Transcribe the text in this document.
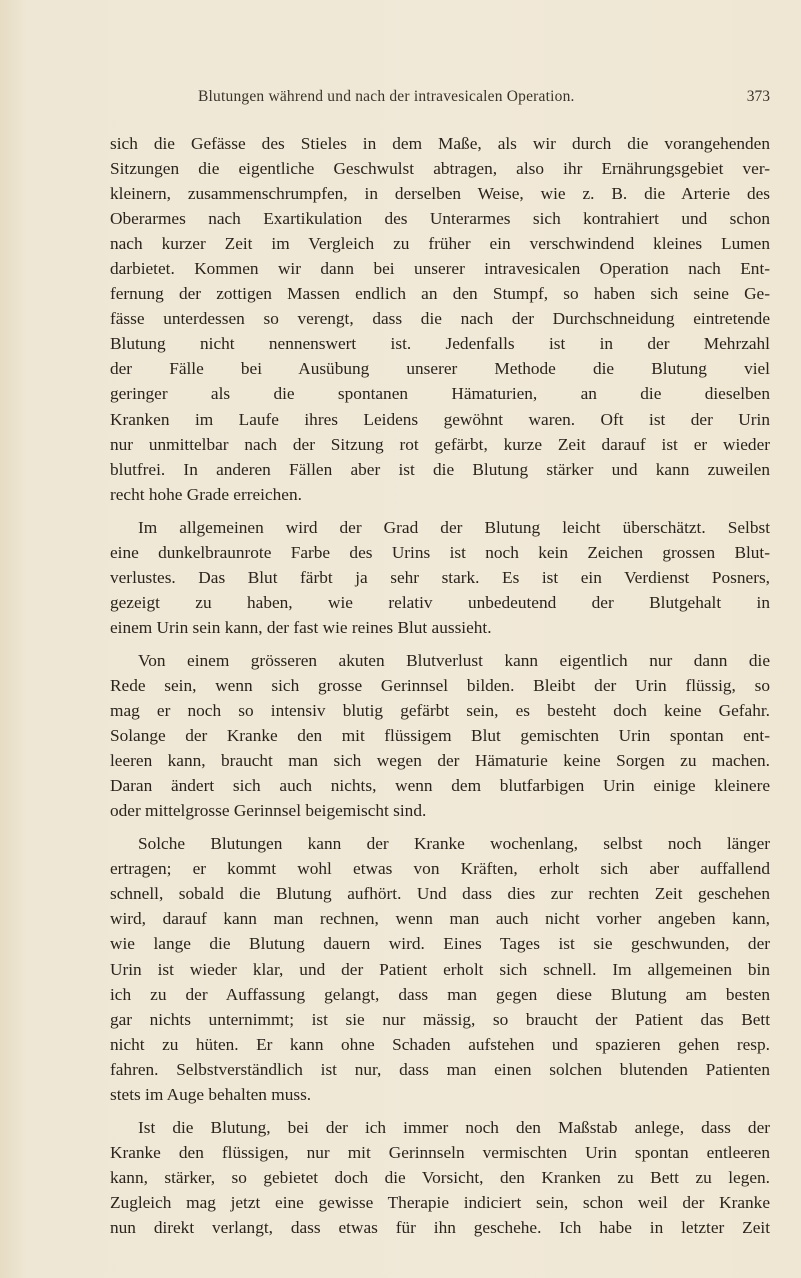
Blutungen während und nach der intravesicalen Operation.	373
sich die Gefässe des Stieles in dem Maße, als wir durch die vorangehenden
Sitzungen die eigentliche Geschwulst abtragen, also ihr Ernährungsgebiet ver-
kleinern, zusammenschrumpfen, in derselben Weise, wie z. B. die Arterie des
Oberarmes nach Exartikulation des Unterarmes sich kontrahiert und schon
nach kurzer Zeit im Vergleich zu früher ein verschwindend kleines Lumen
darbietet. Kommen wir dann bei unserer intravesicalen Operation nach Ent-
fernung der zottigen Massen endlich an den Stumpf, so haben sich seine Ge-
fässe unterdessen so verengt, dass die nach der Durchschneidung eintretende
Blutung nicht nennenswert ist. Jedenfalls ist in der Mehrzahl
der Fälle bei Ausübung unserer Methode die Blutung viel
geringer als die spontanen Hämaturien, an die dieselben
Kranken im Laufe ihres Leidens gewöhnt waren. Oft ist der Urin
nur unmittelbar nach der Sitzung rot gefärbt, kurze Zeit darauf ist er wieder
blutfrei. In anderen Fällen aber ist die Blutung stärker und kann zuweilen
recht hohe Grade erreichen.
Im allgemeinen wird der Grad der Blutung leicht überschätzt. Selbst
eine dunkelbraunrote Farbe des Urins ist noch kein Zeichen grossen Blut-
verlustes. Das Blut färbt ja sehr stark. Es ist ein Verdienst Posners,
gezeigt zu haben, wie relativ unbedeutend der Blutgehalt in
einem Urin sein kann, der fast wie reines Blut aussieht.
Von einem grösseren akuten Blutverlust kann eigentlich nur dann die
Rede sein, wenn sich grosse Gerinnsel bilden. Bleibt der Urin flüssig, so
mag er noch so intensiv blutig gefärbt sein, es besteht doch keine Gefahr.
Solange der Kranke den mit flüssigem Blut gemischten Urin spontan ent-
leeren kann, braucht man sich wegen der Hämaturie keine Sorgen zu machen.
Daran ändert sich auch nichts, wenn dem blutfarbigen Urin einige kleinere
oder mittelgrosse Gerinnsel beigemischt sind.
Solche Blutungen kann der Kranke wochenlang, selbst noch länger
ertragen; er kommt wohl etwas von Kräften, erholt sich aber auffallend
schnell, sobald die Blutung aufhört. Und dass dies zur rechten Zeit geschehen
wird, darauf kann man rechnen, wenn man auch nicht vorher angeben kann,
wie lange die Blutung dauern wird. Eines Tages ist sie geschwunden, der
Urin ist wieder klar, und der Patient erholt sich schnell. Im allgemeinen bin
ich zu der Auffassung gelangt, dass man gegen diese Blutung am besten
gar nichts unternimmt; ist sie nur mässig, so braucht der Patient das Bett
nicht zu hüten. Er kann ohne Schaden aufstehen und spazieren gehen resp.
fahren. Selbstverständlich ist nur, dass man einen solchen blutenden Patienten
stets im Auge behalten muss.
Ist die Blutung, bei der ich immer noch den Maßstab anlege, dass der
Kranke den flüssigen, nur mit Gerinnseln vermischten Urin spontan entleeren
kann, stärker, so gebietet doch die Vorsicht, den Kranken zu Bett zu legen.
Zugleich mag jetzt eine gewisse Therapie indiciert sein, schon weil der Kranke
nun direkt verlangt, dass etwas für ihn geschehe. Ich habe in letzter Zeit
